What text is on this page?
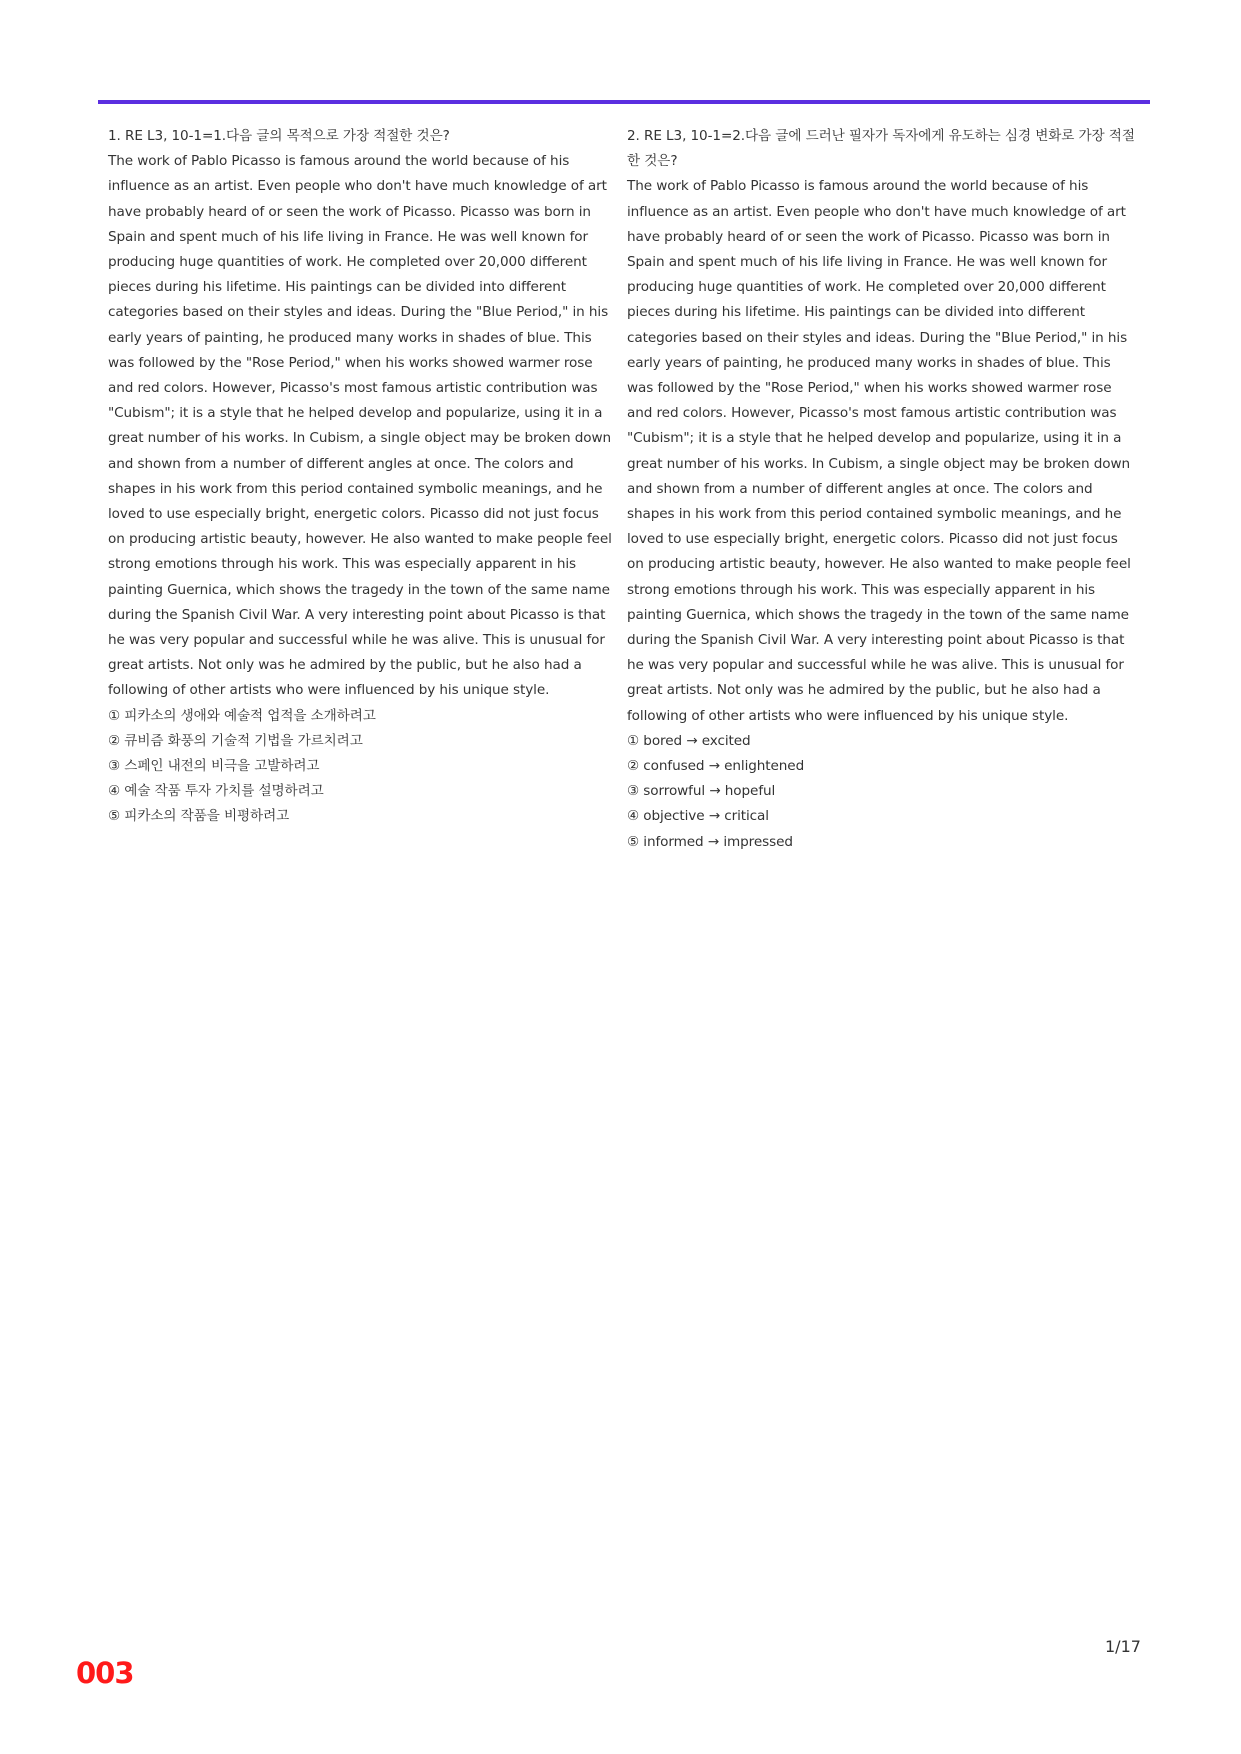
1. RE L3, 10-1=1.다음 글의 목적으로 가장 적절한 것은?

The work of Pablo Picasso is famous around the world because of his influence as an artist. Even people who don't have much knowledge of art have probably heard of or seen the work of Picasso. Picasso was born in Spain and spent much of his life living in France. He was well known for producing huge quantities of work. He completed over 20,000 different pieces during his lifetime. His paintings can be divided into different categories based on their styles and ideas. During the "Blue Period," in his early years of painting, he produced many works in shades of blue. This was followed by the "Rose Period," when his works showed warmer rose and red colors. However, Picasso's most famous artistic contribution was "Cubism"; it is a style that he helped develop and popularize, using it in a great number of his works. In Cubism, a single object may be broken down and shown from a number of different angles at once. The colors and shapes in his work from this period contained symbolic meanings, and he loved to use especially bright, energetic colors. Picasso did not just focus on producing artistic beauty, however. He also wanted to make people feel strong emotions through his work. This was especially apparent in his painting Guernica, which shows the tragedy in the town of the same name during the Spanish Civil War. A very interesting point about Picasso is that he was very popular and successful while he was alive. This is unusual for great artists. Not only was he admired by the public, but he also had a following of other artists who were influenced by his unique style.

① 피카소의 생애와 예술적 업적을 소개하려고
② 큐비즘 화풍의 기술적 기법을 가르치려고
③ 스페인 내전의 비극을 고발하려고
④ 예술 작품 투자 가치를 설명하려고
⑤ 피카소의 작품을 비평하려고

2. RE L3, 10-1=2.다음 글에 드러난 필자가 독자에게 유도하는 심경 변화로 가장 적절한 것은?

The work of Pablo Picasso is famous around the world because of his influence as an artist. Even people who don't have much knowledge of art have probably heard of or seen the work of Picasso. Picasso was born in Spain and spent much of his life living in France. He was well known for producing huge quantities of work. He completed over 20,000 different pieces during his lifetime. His paintings can be divided into different categories based on their styles and ideas. During the "Blue Period," in his early years of painting, he produced many works in shades of blue. This was followed by the "Rose Period," when his works showed warmer rose and red colors. However, Picasso's most famous artistic contribution was "Cubism"; it is a style that he helped develop and popularize, using it in a great number of his works. In Cubism, a single object may be broken down and shown from a number of different angles at once. The colors and shapes in his work from this period contained symbolic meanings, and he loved to use especially bright, energetic colors. Picasso did not just focus on producing artistic beauty, however. He also wanted to make people feel strong emotions through his work. This was especially apparent in his painting Guernica, which shows the tragedy in the town of the same name during the Spanish Civil War. A very interesting point about Picasso is that he was very popular and successful while he was alive. This is unusual for great artists. Not only was he admired by the public, but he also had a following of other artists who were influenced by his unique style.

① bored → excited
② confused → enlightened
③ sorrowful → hopeful
④ objective → critical
⑤ informed → impressed
1/17
003
